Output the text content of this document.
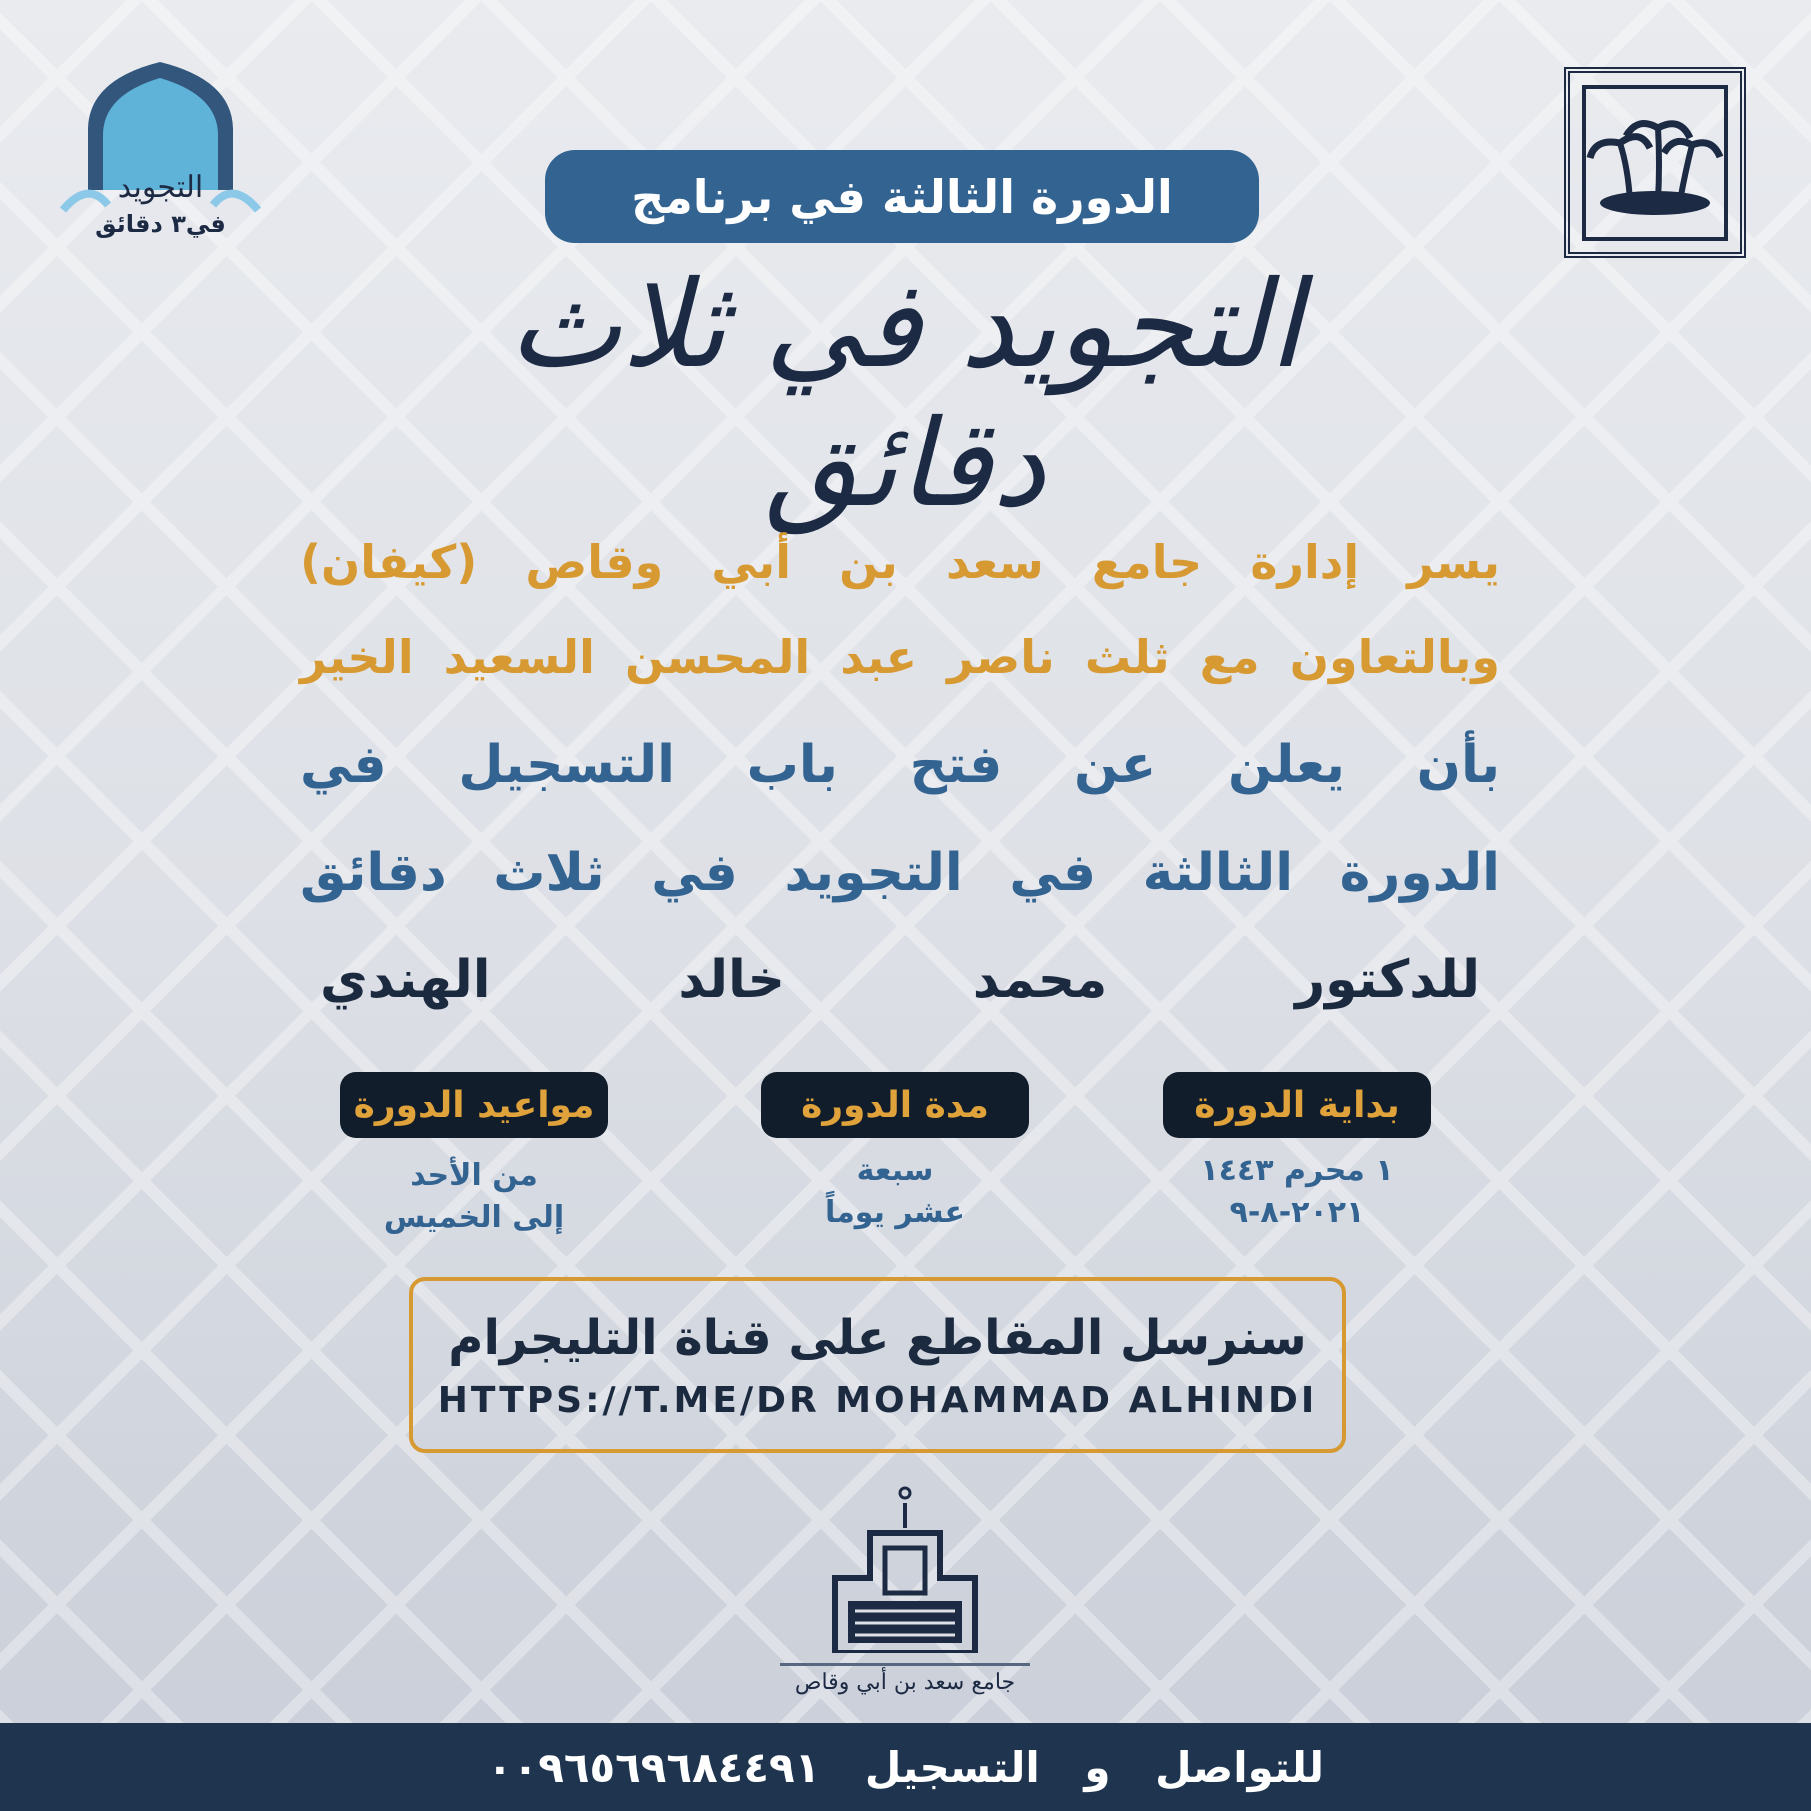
التجويد
في٣ دقائق
الدورة الثالثة في برنامج
التجويد في ثلاث دقائق
يسر إدارة جامع سعد بن أبي وقاص (كيفان)
وبالتعاون مع ثلث ناصر عبد المحسن السعيد الخير
بأن يعلن عن فتح باب التسجيل في
الدورة الثالثة في التجويد في ثلاث دقائق
للدكتور محمد خالد الهندي
بداية الدورة
مدة الدورة
مواعيد الدورة
١ محرم ١٤٤٣
٢٠٢١-٨-٩
سبعة
عشر يوماً
من الأحد
إلى الخميس
سنرسل المقاطع على قناة التليجرام
HTTPS://T.ME/DR MOHAMMAD ALHINDI
جامع سعد بن أبي وقاص
للتواصل و التسجيل ٠٠٩٦٥٦٩٦٨٤٤٩١
